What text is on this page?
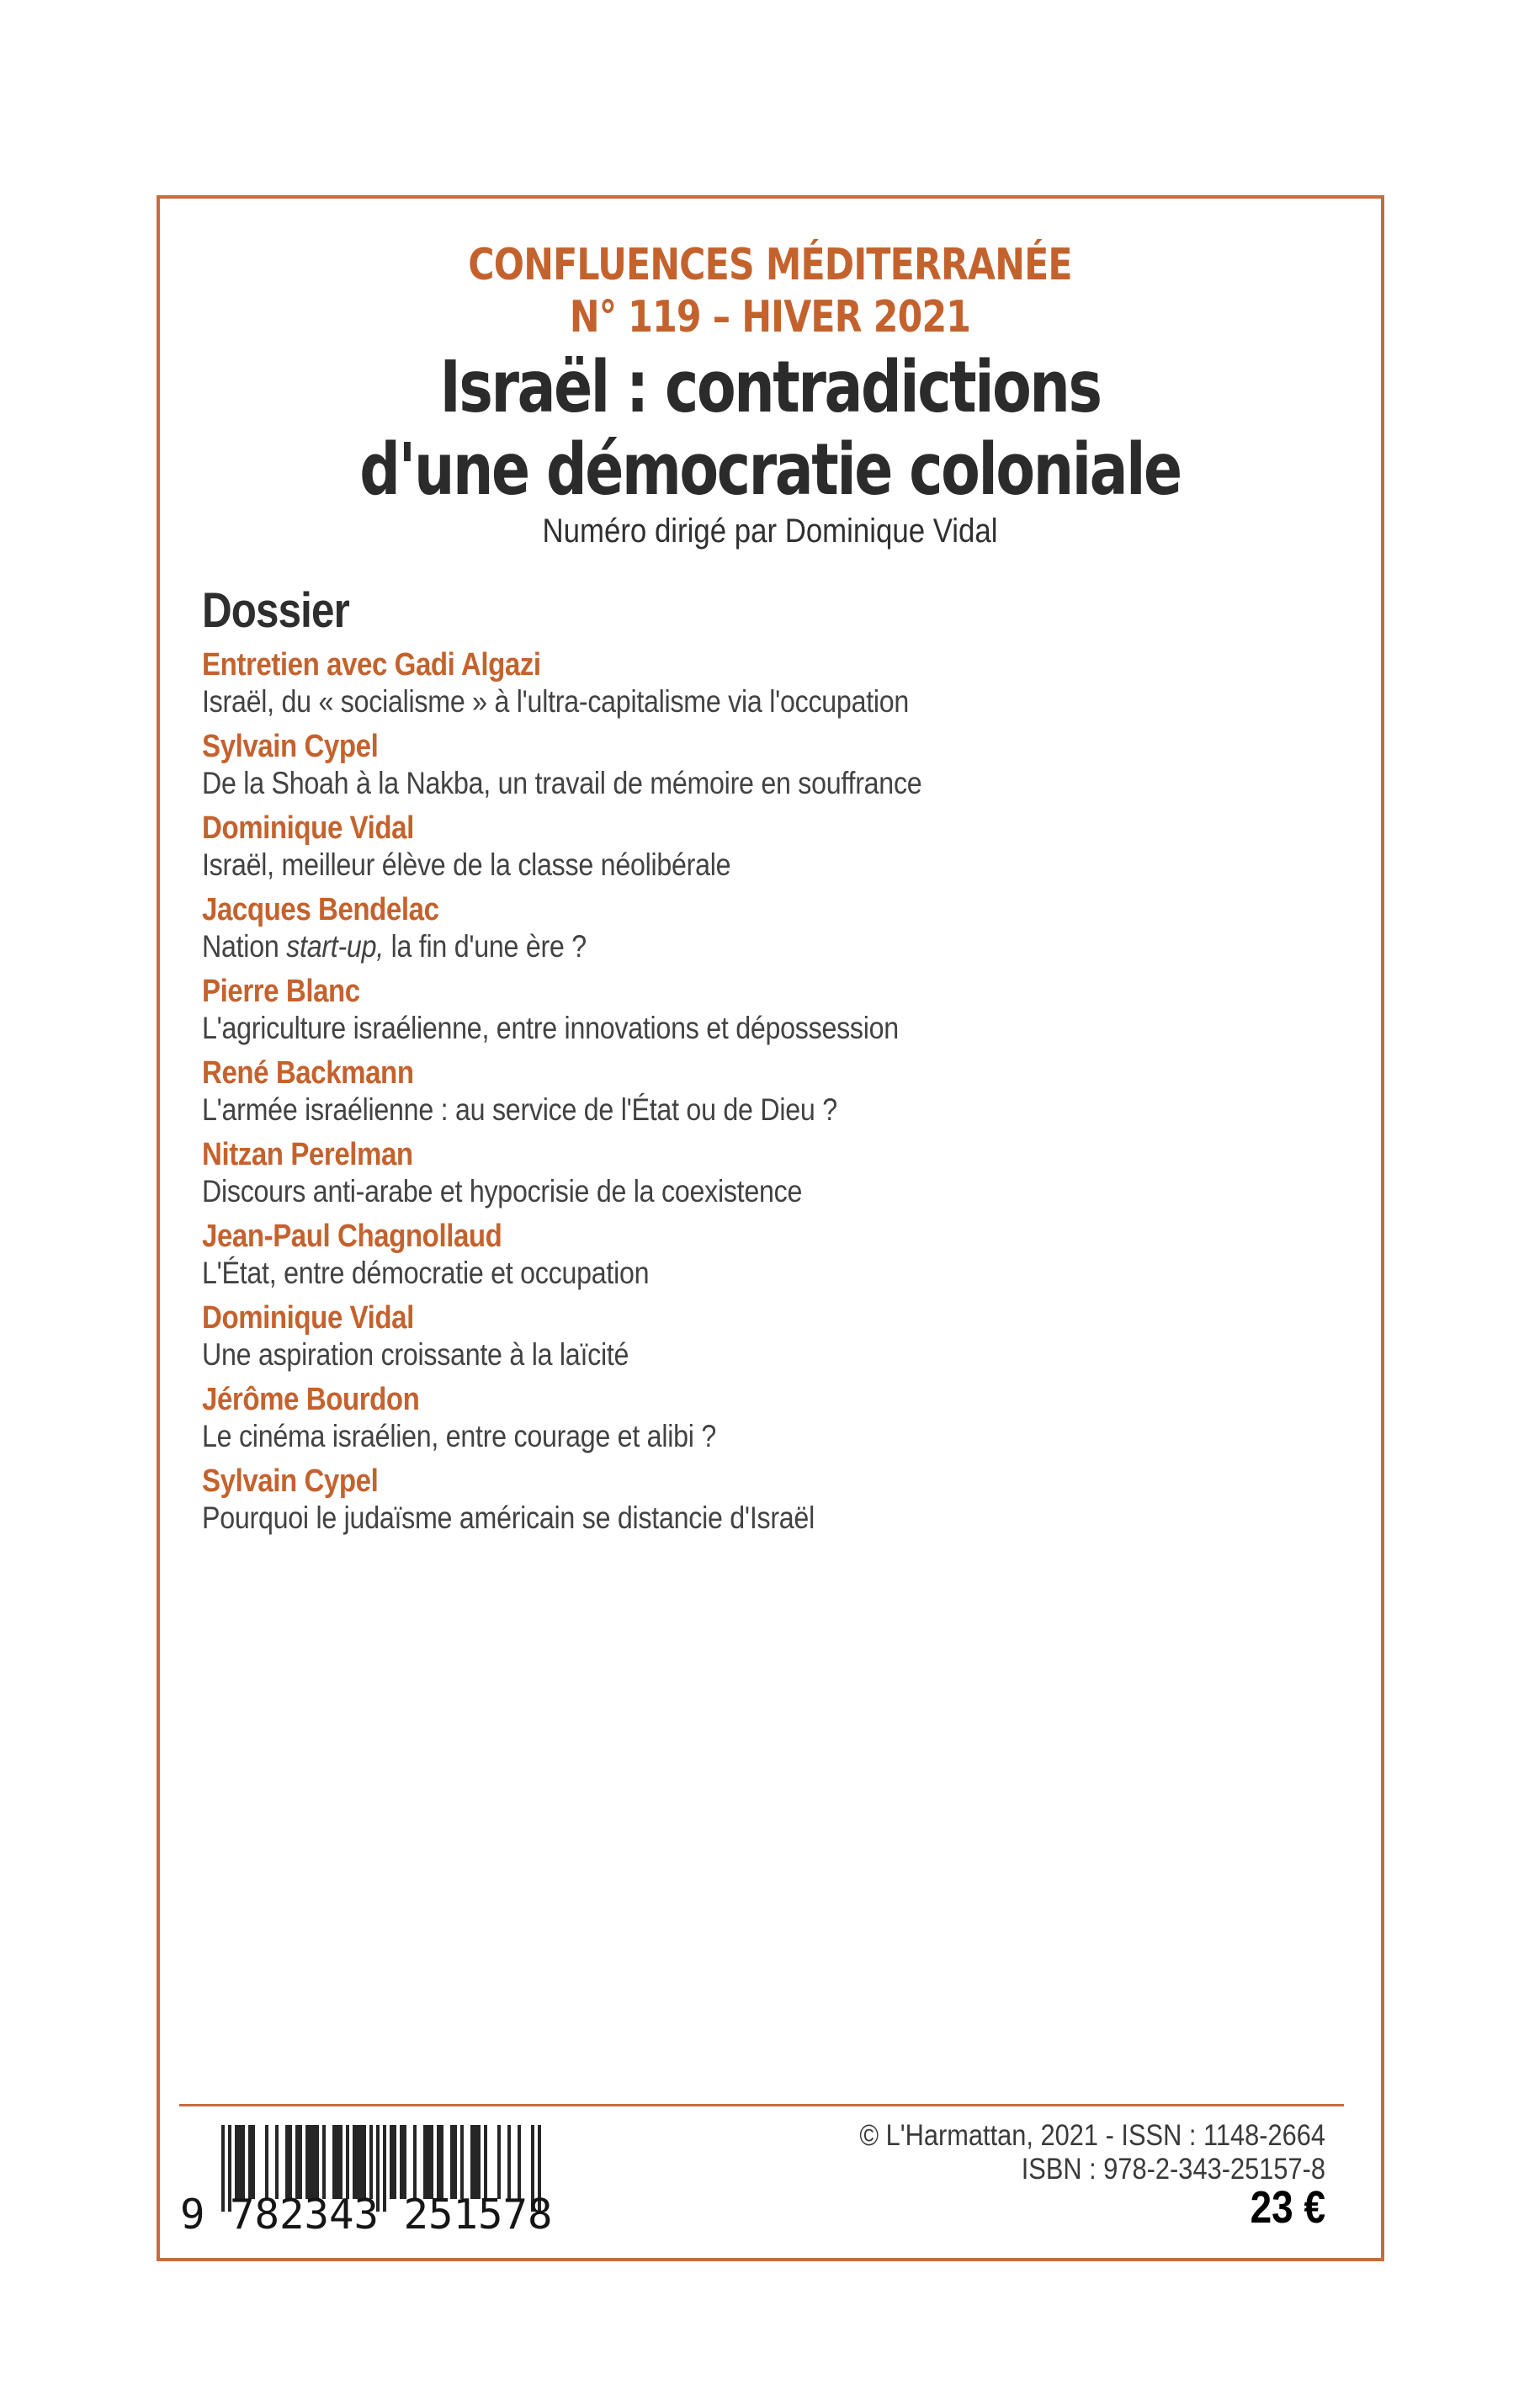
CONFLUENCES MÉDITERRANÉE
N° 119 – HIVER 2021
Israël : contradictions
d'une démocratie coloniale
Numéro dirigé par Dominique Vidal
Dossier
Entretien avec Gadi Algazi
Israël, du « socialisme » à l'ultra-capitalisme via l'occupation
Sylvain Cypel
De la Shoah à la Nakba, un travail de mémoire en souffrance
Dominique Vidal
Israël, meilleur élève de la classe néolibérale
Jacques Bendelac
Nation start-up, la fin d'une ère ?
Pierre Blanc
L'agriculture israélienne, entre innovations et dépossession
René Backmann
L'armée israélienne : au service de l'État ou de Dieu ?
Nitzan Perelman
Discours anti-arabe et hypocrisie de la coexistence
Jean-Paul Chagnollaud
L'État, entre démocratie et occupation
Dominique Vidal
Une aspiration croissante à la laïcité
Jérôme Bourdon
Le cinéma israélien, entre courage et alibi ?
Sylvain Cypel
Pourquoi le judaïsme américain se distancie d'Israël
9 782343 251578
© L'Harmattan, 2021 - ISSN : 1148-2664
ISBN : 978-2-343-25157-8
23 €
